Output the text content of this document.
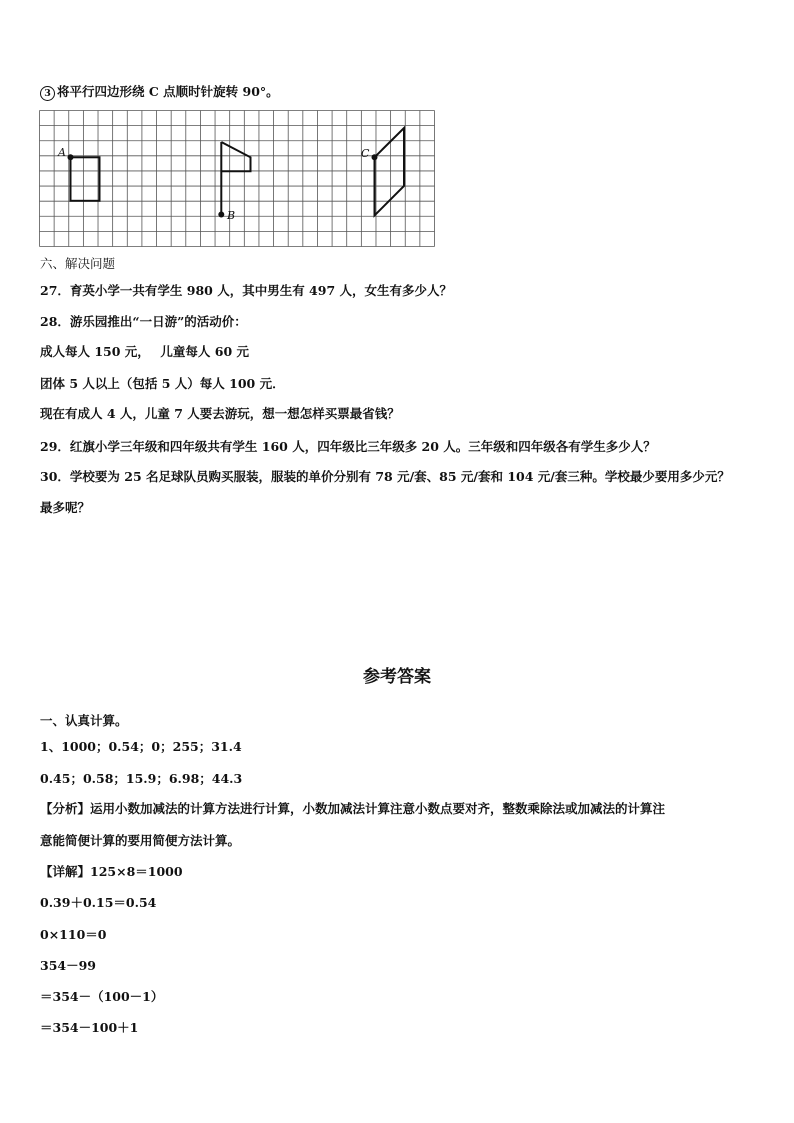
3 将平行四边形绕 C 点顺时针旋转 90°。
A
B
C
六、解决问题
27．育英小学一共有学生 980 人，其中男生有 497 人，女生有多少人？
28．游乐园推出“一日游”的活动价：
成人每人 150 元，　 儿童每人 60 元
团体 5 人以上（包括 5 人）每人 100 元．
现在有成人 4 人，儿童 7 人要去游玩，想一想怎样买票最省钱？
29．红旗小学三年级和四年级共有学生 160 人，四年级比三年级多 20 人。三年级和四年级各有学生多少人？
30．学校要为 25 名足球队员购买服装，服装的单价分别有 78 元/套、85 元/套和 104 元/套三种。学校最少要用多少元？
最多呢？
参考答案
一、认真计算。
1、1000；0.54；0；255；31.4
0.45；0.58；15.9；6.98；44.3
【分析】运用小数加减法的计算方法进行计算，小数加减法计算注意小数点要对齐，整数乘除法或加减法的计算注
意能简便计算的要用简便方法计算。
【详解】125×8＝1000
0.39＋0.15＝0.54
0×110＝0
354－99
＝354－（100－1）
＝354－100＋1
